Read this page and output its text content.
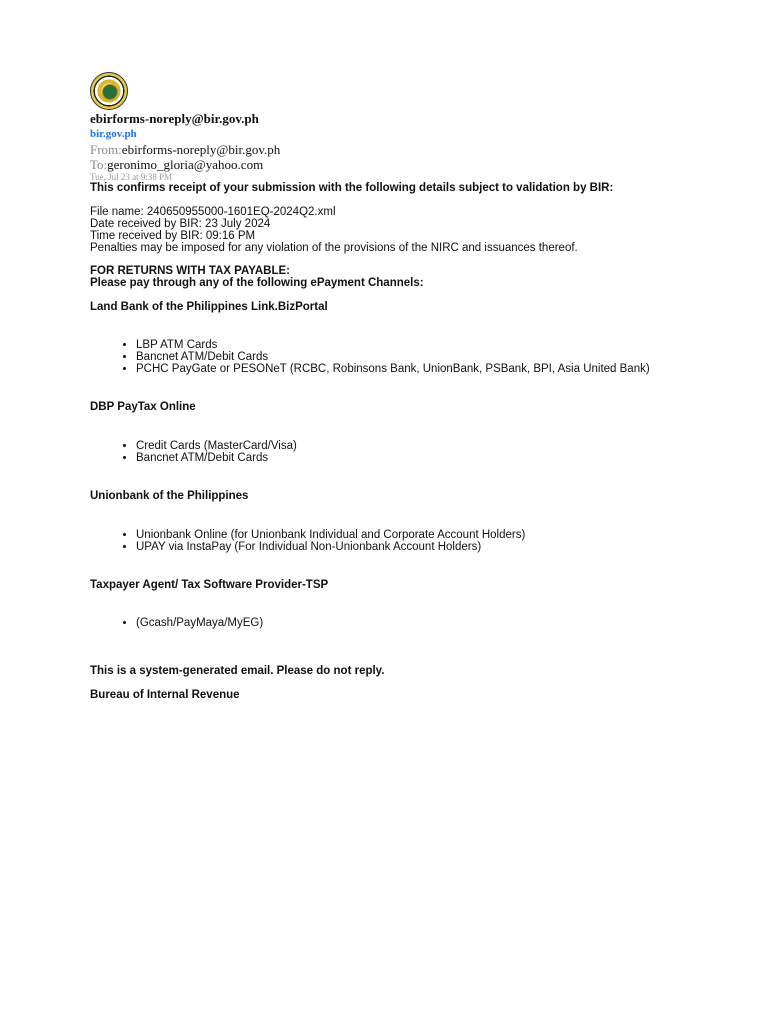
ebirforms-noreply@bir.gov.ph
bir.gov.ph
From:ebirforms-noreply@bir.gov.ph
To:geronimo_gloria@yahoo.com
Tue, Jul 23 at 9:38 PM
This confirms receipt of your submission with the following details subject to validation by BIR:
File name: 240650955000-1601EQ-2024Q2.xml
Date received by BIR: 23 July 2024
Time received by BIR: 09:16 PM
Penalties may be imposed for any violation of the provisions of the NIRC and issuances thereof.
FOR RETURNS WITH TAX PAYABLE:
Please pay through any of the following ePayment Channels:
Land Bank of the Philippines Link.BizPortal
• LBP ATM Cards
• Bancnet ATM/Debit Cards
• PCHC PayGate or PESONeT (RCBC, Robinsons Bank, UnionBank, PSBank, BPI, Asia United Bank)
DBP PayTax Online
• Credit Cards (MasterCard/Visa)
• Bancnet ATM/Debit Cards
Unionbank of the Philippines
• Unionbank Online (for Unionbank Individual and Corporate Account Holders)
• UPAY via InstaPay (For Individual Non-Unionbank Account Holders)
Taxpayer Agent/ Tax Software Provider-TSP
• (Gcash/PayMaya/MyEG)
This is a system-generated email. Please do not reply.
Bureau of Internal Revenue
